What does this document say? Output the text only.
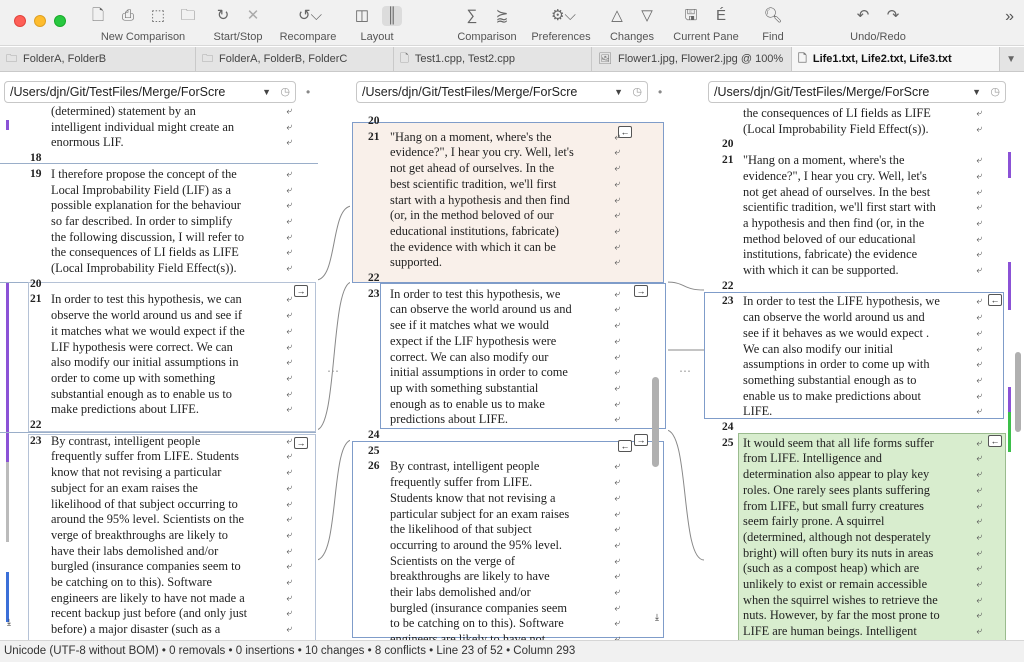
🗋 ⎙ ⬚ 🗀
New Comparison
↻ ✕
Start/Stop
↺⌵
Recompare
◫	║
Layout
∑	⪸
Comparison
⚙⌵
Preferences
△ ▽
Changes
🖫	É
Current Pane
🔍︎
Find
↶ ↷
Undo/Redo
»
🗀 FolderA, FolderB	🗀 FolderA, FolderB, FolderC	🗋 Test1.cpp, Test2.cpp	🖼︎ Flower1.jpg, Flower2.jpg @ 100% 🗋 Life1.txt, Life2.txt, Life3.txt	▼
/Users/djn/Git/TestFiles/Merge/ForScre	▼ ◷ •	/Users/djn/Git/TestFiles/Merge/ForScre	▼ ◷ •	/Users/djn/Git/TestFiles/Merge/ForScre	▼ ◷
⋯	⋯
→
→
(determined) statement by an	⤶
intelligent individual might create an	⤶
enormous LIF.	⤶
18
19 I therefore propose the concept of the	⤶
Local Improbability Field (LIF) as a	⤶
possible explanation for the behaviour	⤶
so far described. In order to simplify	⤶
the following discussion, I will refer to	⤶
the consequences of LI fields as LIFE	⤶
(Local Improbability Field Effect(s)).	⤶
20
21 In order to test this hypothesis, we can	⤶
observe the world around us and see if	⤶
it matches what we would expect if the	⤶
LIF hypothesis were correct. We can	⤶
also modify our initial assumptions in	⤶
order to come up with something	⤶
substantial enough as to enable us to	⤶
make predictions about LIFE.	⤶
22
23 By contrast, intelligent people	⤶
frequently suffer from LIFE. Students	⤶
know that not revising a particular	⤶
subject for an exam raises the	⤶
likelihood of that subject occurring to	⤶
around the 95% level. Scientists on the	⤶
verge of breakthroughs are likely to	⤶
have their labs demolished and/or	⤶
burgled (insurance companies seem to	⤶
be catching on to this). Software	⤶
engineers are likely to have not made a	⤶
recent backup just before (and only just	⤶
before) a major disaster (such as a	⤶
⤓
←
→
←
→
20
21 "Hang on a moment, where's the	⤶
evidence?", I hear you cry. Well, let's	⤶
not get ahead of ourselves. In the	⤶
best scientific tradition, we'll first	⤶
start with a hypothesis and then find	⤶
(or, in the method beloved of our	⤶
educational institutions, fabricate)	⤶
the evidence with which it can be	⤶
supported.	⤶
22
23 In order to test this hypothesis, we	⤶
can observe the world around us and	⤶
see if it matches what we would	⤶
expect if the LIF hypothesis were	⤶
correct. We can also modify our	⤶
initial assumptions in order to come	⤶
up with something substantial	⤶
enough as to enable us to make	⤶
predictions about LIFE.	⤶
24
25
26 By contrast, intelligent people	⤶
frequently suffer from LIFE.	⤶
Students know that not revising a	⤶
particular subject for an exam raises	⤶
the likelihood of that subject	⤶
occurring to around the 95% level.	⤶
Scientists on the verge of	⤶
breakthroughs are likely to have	⤶
their labs demolished and/or	⤶
burgled (insurance companies seem	⤶
to be catching on to this). Software	⤶
⤓
←
←
the consequences of LI fields as LIFE	⤶
(Local Improbability Field Effect(s)).	⤶
20
21 "Hang on a moment, where's the	⤶
evidence?", I hear you cry. Well, let's	⤶
not get ahead of ourselves. In the best	⤶
scientific tradition, we'll first start with	⤶
a hypothesis and then find (or, in the	⤶
method beloved of our educational	⤶
institutions, fabricate) the evidence	⤶
with which it can be supported.	⤶
22
23 In order to test the LIFE hypothesis, we	⤶
can observe the world around us and	⤶
see if it behaves as we would expect .	⤶
We can also modify our initial	⤶
assumptions in order to come up with	⤶
something substantial enough as to	⤶
enable us to make predictions about	⤶
LIFE.	⤶
24
25 It would seem that all life forms suffer	⤶
from LIFE. Intelligence and	⤶
determination also appear to play key	⤶
roles. One rarely sees plants suffering	⤶
from LIFE, but small furry creatures	⤶
seem fairly prone. A squirrel	⤶
(determined, although not desperately	⤶
bright) will often bury its nuts in areas	⤶
(such as a compost heap) which are	⤶
unlikely to exist or remain accessible	⤶
when the squirrel wishes to retrieve the	⤶
nuts. However, by far the most prone to	⤶
LIFE are human beings. Intelligent	⤶
Unicode (UTF-8 without BOM) • 0 removals • 0 insertions • 10 changes • 8 conflicts • Line 23 of 52 • Column 293
